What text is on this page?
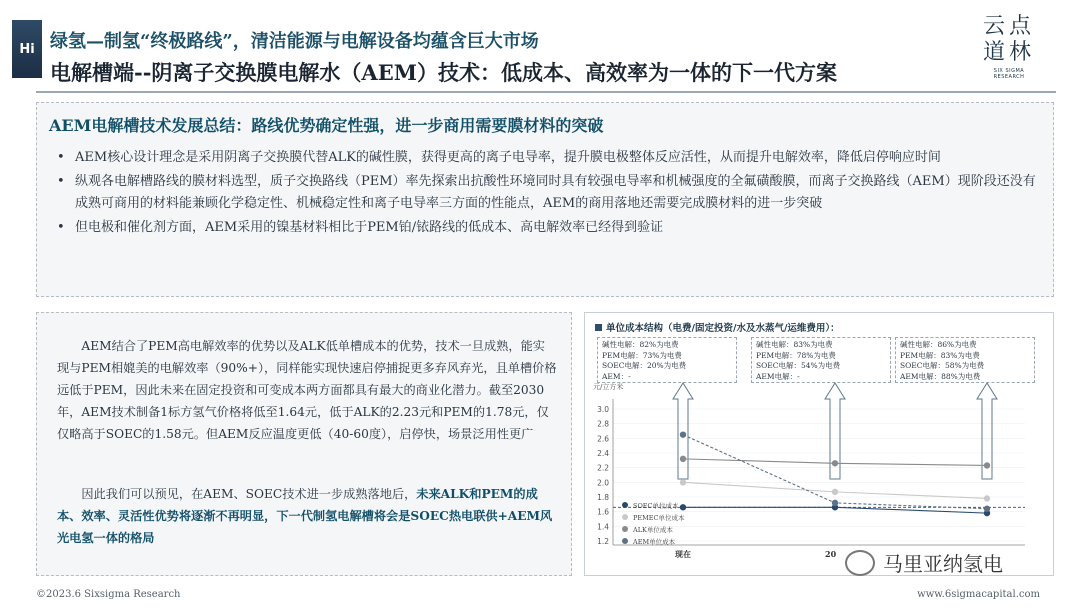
Hi 绿氢—制氢“终极路线”，清洁能源与电解设备均蕴含巨大市场
电解槽端--阴离子交换膜电解水（AEM）技术：低成本、高效率为一体的下一代方案
云点
道林
SIX SIGMA RESEARCH
AEM电解槽技术发展总结：路线优势确定性强，进一步商用需要膜材料的突破
• AEM核心设计理念是采用阴离子交换膜代替ALK的碱性膜，获得更高的离子电导率，提升膜电极整体反应活性，从而提升电解效率，降低启停响应时间
• 纵观各电解槽路线的膜材料选型，质子交换路线（PEM）率先探索出抗酸性环境同时具有较强电导率和机械强度的全氟磺酸膜，而离子交换路线（AEM）现阶段还没有成熟可商用的材料能兼顾化学稳定性、机械稳定性和离子电导率三方面的性能点，AEM的商用落地还需要完成膜材料的进一步突破
• 但电极和催化剂方面，AEM采用的镍基材料相比于PEM铂/铱路线的低成本、高电解效率已经得到验证

AEM结合了PEM高电解效率的优势以及ALK低单槽成本的优势，技术一旦成熟，能实现与PEM相媲美的电解效率（90%+），同样能实现快速启停捕捉更多弃风弃光，且单槽价格远低于PEM，因此未来在固定投资和可变成本两方面都具有最大的商业化潜力。截至2030年，AEM技术制备1标方氢气价格将低至1.64元，低于ALK的2.23元和PEM的1.78元，仅仅略高于SOEC的1.58元。但AEM反应温度更低（40-60度），启停快，场景泛用性更广

因此我们可以预见，在AEM、SOEC技术进一步成熟落地后，未来ALK和PEM的成本、效率、灵活性优势将逐渐不再明显，下一代制氢电解槽将会是SOEC热电联供+AEM风光电氢一体的格局

单位成本结构（电费/固定投资/水及水蒸气/运维费用）：
碱性电解：82%为电费
PEM电解：73%为电费
SOEC电解：20%为电费
AEM：-
碱性电解：83%为电费
PEM电解：78%为电费
SOEC电解：54%为电费
AEM电解：-
碱性电解：86%为电费
PEM电解：83%为电费
SOEC电解：58%为电费
AEM电解：88%为电费
元/立方米
3.0
2.8
2.6
2.4
2.2
2.0
1.8
1.6
1.4
1.2
现在	20
SOEC单位成本
PEMEC单位成本
ALK单位成本
AEM单位成本
©2023.6 Sixsigma Research	www.6sigmacapital.com
马里亚纳氢电
